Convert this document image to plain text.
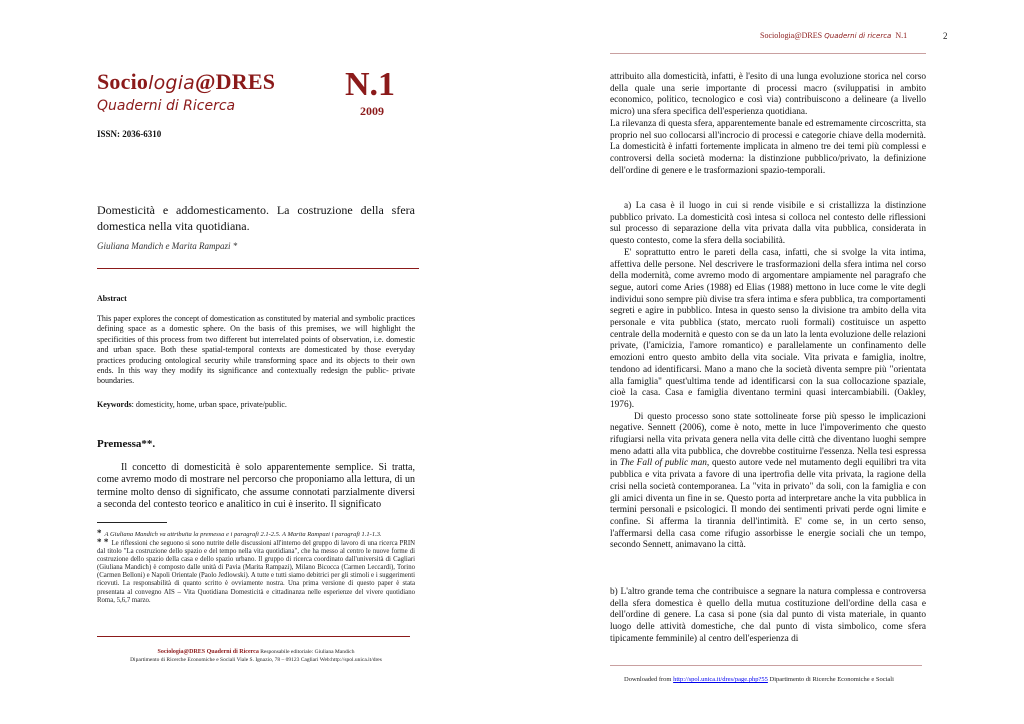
Sociologia@DRES
Quaderni di Ricerca
N.1
2009
ISSN: 2036-6310
Domesticità e addomesticamento. La costruzione della sfera domestica nella vita quotidiana.
Giuliana Mandich e Marita Rampazi *
Abstract
This paper explores the concept of domestication as constituted by material and symbolic practices defining space as a domestic sphere. On the basis of this premises, we will highlight the specificities of this process from two different but interrelated points of observation, i.e. domestic and urban space. Both these spatial-temporal contexts are domesticated by those everyday practices producing ontological security while transforming space and its objects to their own ends. In this way they modify its significance and contextually redesign the public- private boundaries.
Keywords: domesticity, home, urban space, private/public.
Premessa**.
Il concetto di domesticità è solo apparentemente semplice. Si tratta, come avremo modo di mostrare nel percorso che proponiamo alla lettura, di un termine molto denso di significato, che assume connotati parzialmente diversi a seconda del contesto teorico e analitico in cui è inserito. Il significato
* A Giuliana Mandich va attribuita la premessa e i paragrafi 2.1-2.5. A Marita Rampazi i paragrafi 1.1-1.3.
* * Le riflessioni che seguono si sono nutrite delle discussioni all'interno del gruppo di lavoro di una ricerca PRIN dal titolo "La costruzione dello spazio e del tempo nella vita quotidiana", che ha messo al centro le nuove forme di costruzione dello spazio della casa e dello spazio urbano. Il gruppo di ricerca coordinato dall'università di Cagliari (Giuliana Mandich) è composto dalle unità di Pavia (Marita Rampazi), Milano Bicocca (Carmen Leccardi), Torino (Carmen Belloni) e Napoli Orientale (Paolo Jedlowski). A tutte e tutti siamo debitrici per gli stimoli e i suggerimenti ricevuti. La responsabilità di quanto scritto è ovviamente nostra. Una prima versione di questo paper è stata presentata al convegno AIS – Vita Quotidiana Domesticità e cittadinanza nelle esperienze del vivere quotidiano Roma, 5,6,7 marzo.
Sociologia@DRES Quaderni di Ricerca Responsabile editoriale: Giuliana Mandich
Dipartimento di Ricerche Economiche e Sociali Viale S. Ignazio, 78 – 09123 Cagliari Web:http://spol.unica.it/dres
Sociologia@DRES Quaderni di ricerca N.1	2

attribuito alla domesticità, infatti, è l'esito di una lunga evoluzione storica nel corso della quale una serie importante di processi macro (sviluppatisi in ambito economico, politico, tecnologico e così via) contribuiscono a delineare (a livello micro) una sfera specifica dell'esperienza quotidiana.

La rilevanza di questa sfera, apparentemente banale ed estremamente circoscritta, sta proprio nel suo collocarsi all'incrocio di processi e categorie chiave della modernità. La domesticità è infatti fortemente implicata in almeno tre dei temi più complessi e controversi della società moderna: la distinzione pubblico/privato, la definizione dell'ordine di genere e le trasformazioni spazio-temporali.

a) La casa è il luogo in cui si rende visibile e si cristallizza la distinzione pubblico privato. La domesticità così intesa si colloca nel contesto delle riflessioni sul processo di separazione della vita privata dalla vita pubblica, considerata in questo contesto, come la sfera della sociabilità.

E' soprattutto entro le pareti della casa, infatti, che si svolge la vita intima, affettiva delle persone. Nel descrivere le trasformazioni della sfera intima nel corso della modernità, come avremo modo di argomentare ampiamente nel paragrafo che segue, autori come Aries (1988) ed Elias (1988) mettono in luce come le vite degli individui sono sempre più divise tra sfera intima e sfera pubblica, tra comportamenti segreti e agire in pubblico. Intesa in questo senso la divisione tra ambito della vita personale e vita pubblica (stato, mercato ruoli formali) costituisce un aspetto centrale della modernità e questo con se da un lato la lenta evoluzione delle relazioni private, (l'amicizia, l'amore romantico) e parallelamente un confinamento delle emozioni entro questo ambito della vita sociale. Vita privata e famiglia, inoltre, tendono ad identificarsi. Mano a mano che la società diventa sempre più "orientata alla famiglia" quest'ultima tende ad identificarsi con la sua collocazione spaziale, cioè la casa. Casa e famiglia diventano termini quasi intercambiabili. (Oakley, 1976).

Di questo processo sono state sottolineate forse più spesso le implicazioni negative. Sennett (2006), come è noto, mette in luce l'impoverimento che questo rifugiarsi nella vita privata genera nella vita delle città che diventano luoghi sempre meno adatti alla vita pubblica, che dovrebbe costituirne l'essenza. Nella tesi espressa in The Fall of public man, questo autore vede nel mutamento degli equilibri tra vita pubblica e vita privata a favore di una ipertrofia delle vita privata, la ragione della crisi nella società contemporanea. La "vita in privato" da soli, con la famiglia e con gli amici diventa un fine in se. Questo porta ad interpretare anche la vita pubblica in termini personali e psicologici. Il mondo dei sentimenti privati perde ogni limite e confine. Si afferma la tirannia dell'intimità. E' come se, in un certo senso, l'affermarsi della casa come rifugio assorbisse le energie sociali che un tempo, secondo Sennett, animavano la città.

b) L'altro grande tema che contribuisce a segnare la natura complessa e controversa della sfera domestica è quello della mutua costituzione dell'ordine della casa e dell'ordine di genere. La casa si pone (sia dal punto di vista materiale, in quanto luogo delle attività domestiche, che dal punto di vista simbolico, come sfera tipicamente femminile) al centro dell'esperienza di

Downloaded from http://spol.unica.it/dres/page.php?55 Dipartimento di Ricerche Economiche e Sociali
